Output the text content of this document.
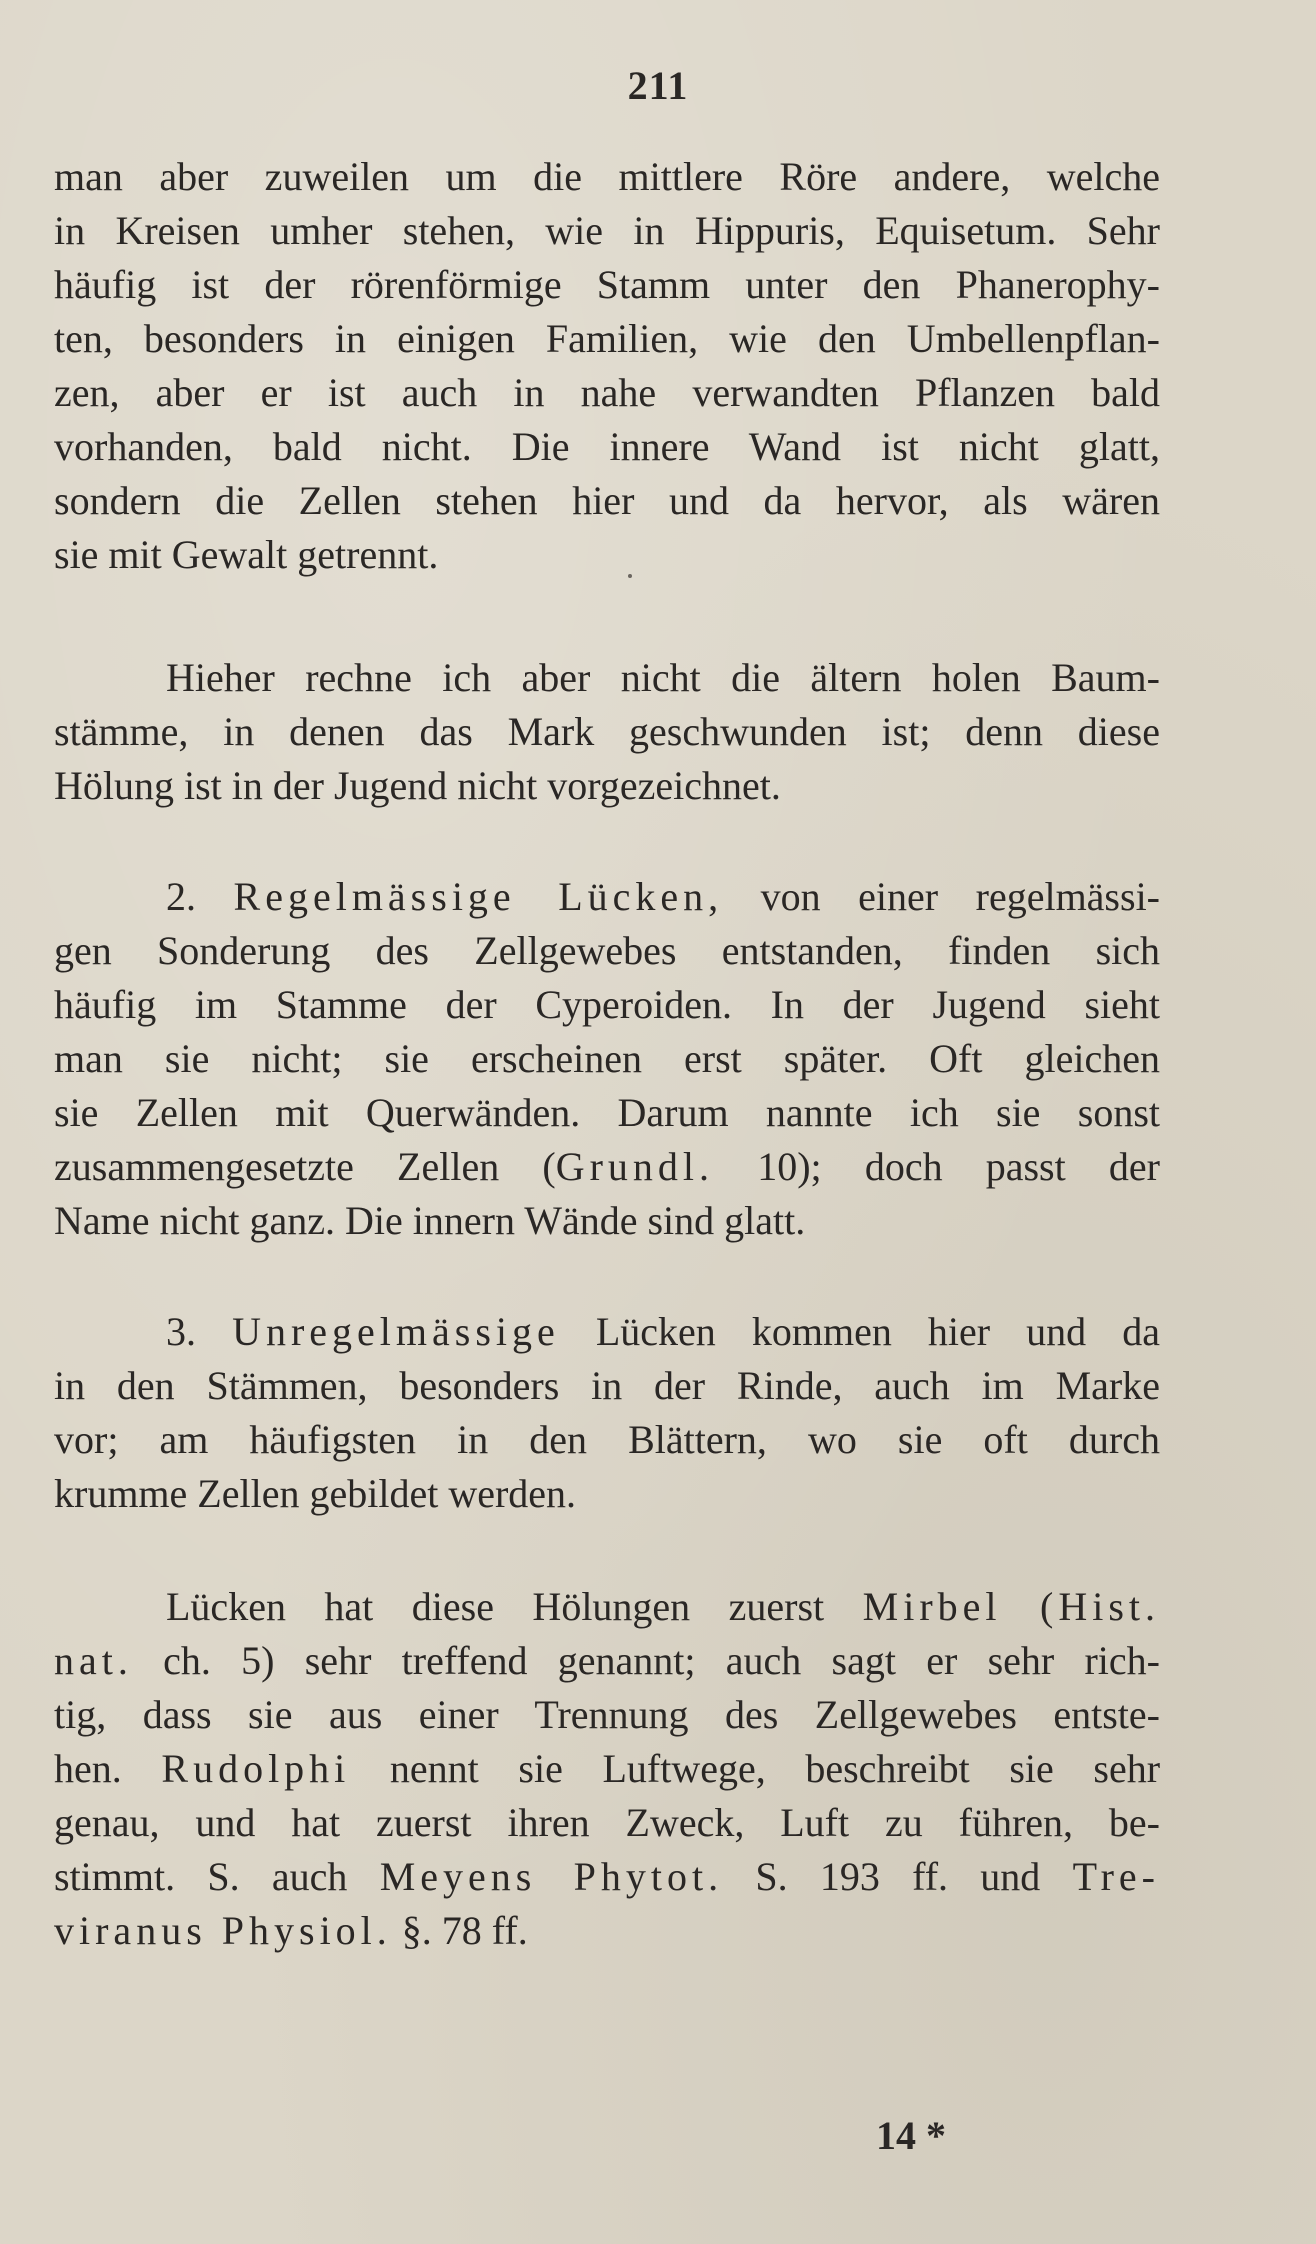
211
man aber zuweilen um die mittlere Röre andere, welche
in Kreisen umher stehen, wie in Hippuris, Equisetum. Sehr
häufig ist der rörenförmige Stamm unter den Phanerophy-
ten, besonders in einigen Familien, wie den Umbellenpflan-
zen, aber er ist auch in nahe verwandten Pflanzen bald
vorhanden, bald nicht. Die innere Wand ist nicht glatt,
sondern die Zellen stehen hier und da hervor, als wären
sie mit Gewalt getrennt.
Hieher rechne ich aber nicht die ältern holen Baum-
stämme, in denen das Mark geschwunden ist; denn diese
Hölung ist in der Jugend nicht vorgezeichnet.
2. Regelmässige Lücken, von einer regelmässi-
gen Sonderung des Zellgewebes entstanden, finden sich
häufig im Stamme der Cyperoiden. In der Jugend sieht
man sie nicht; sie erscheinen erst später. Oft gleichen
sie Zellen mit Querwänden. Darum nannte ich sie sonst
zusammengesetzte Zellen (Grundl. 10); doch passt der
Name nicht ganz. Die innern Wände sind glatt.
3. Unregelmässige Lücken kommen hier und da
in den Stämmen, besonders in der Rinde, auch im Marke
vor; am häufigsten in den Blättern, wo sie oft durch
krumme Zellen gebildet werden.
Lücken hat diese Hölungen zuerst Mirbel (Hist.
nat. ch. 5) sehr treffend genannt; auch sagt er sehr rich-
tig, dass sie aus einer Trennung des Zellgewebes entste-
hen. Rudolphi nennt sie Luftwege, beschreibt sie sehr
genau, und hat zuerst ihren Zweck, Luft zu führen, be-
stimmt. S. auch Meyens Phytot. S. 193 ff. und Tre-
viranus Physiol. §. 78 ff.
14 *
